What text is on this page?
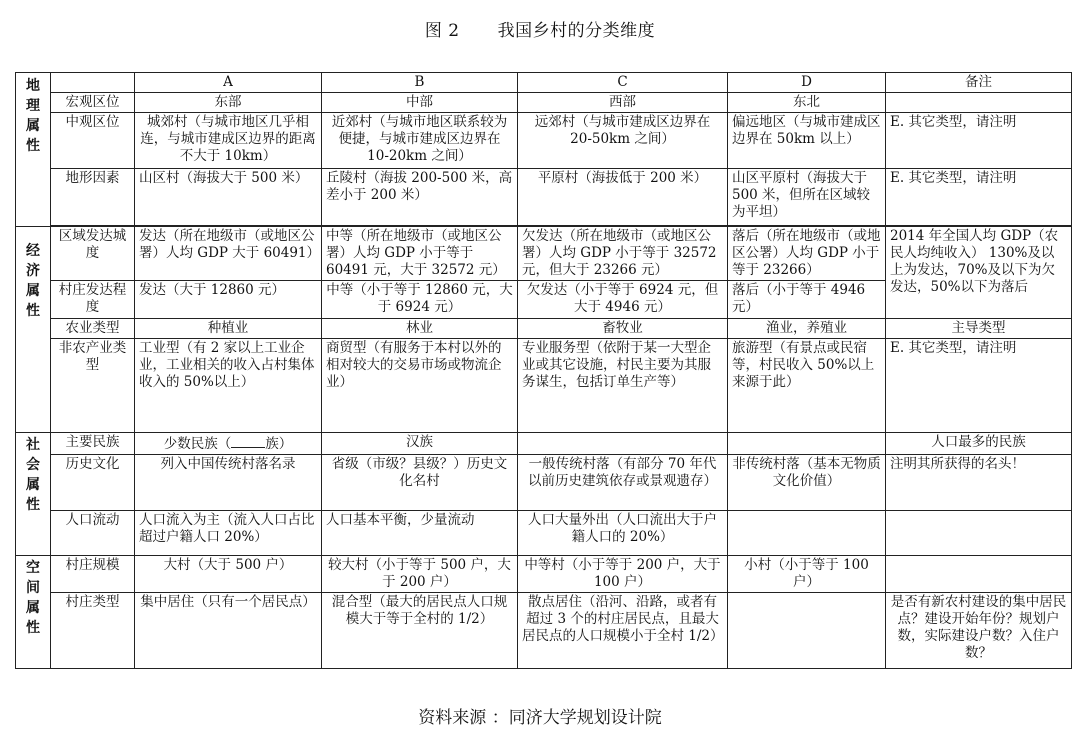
图 2 我国乡村的分类维度
地理属性		A	B	C	D	备注
	宏观区位	东部	中部	西部	东北	
	中观区位	城郊村（与城市地区几乎相连，与城市建成区边界的距离不大于 10km）	近郊村（与城市地区联系较为便捷，与城市建成区边界在 10-20km 之间）	远郊村（与城市建成区边界在 20-50km 之间）	偏远地区（与城市建成区边界在 50km 以上）	E. 其它类型，请注明
	地形因素	山区村（海拔大于 500 米）	丘陵村（海拔 200-500 米，高差小于 200 米）	平原村（海拔低于 200 米）	山区平原村（海拔大于 500 米，但所在区域较为平坦）	E. 其它类型，请注明

经济属性	区域发达城度	发达（所在地级市（或地区公署）人均 GDP 大于 60491）	中等（所在地级市（或地区公署）人均 GDP 小于等于 60491 元，大于 32572 元）	欠发达（所在地级市（或地区公署）人均 GDP 小于等于 32572 元，但大于 23266 元）	落后（所在地级市（或地区公署）人均 GDP 小于等于 23266）	2014 年全国人均 GDP（农民人均纯收入） 130%及以上为发达，70%及以下为欠发达，50%以下为落后
	村庄发达程度	发达（大于 12860 元）	中等（小于等于 12860 元，大于 6924 元）	欠发达（小于等于 6924 元，但大于 4946 元）	落后（小于等于 4946 元）	
	农业类型	种植业	林业	畜牧业	渔业，养殖业	主导类型
	非农产业类型	工业型（有 2 家以上工业企业，工业相关的收入占村集体收入的 50%以上）	商贸型（有服务于本村以外的相对较大的交易市场或物流企业）	专业服务型（依附于某一大型企业或其它设施，村民主要为其服务谋生，包括订单生产等）	旅游型（有景点或民宿等，村民收入 50%以上来源于此）	E. 其它类型，请注明

社会属性	主要民族	少数民族（ 族）	汉族			人口最多的民族
	历史文化	列入中国传统村落名录	省级（市级？县级？）历史文化名村	一般传统村落（有部分 70 年代以前历史建筑依存或景观遗存）	非传统村落（基本无物质文化价值）	注明其所获得的名头！
	人口流动	人口流入为主（流入人口占比超过户籍人口 20%）	人口基本平衡，少量流动	人口大量外出（人口流出大于户籍人口的 20%）		

空间属性	村庄规模	大村（大于 500 户）	较大村（小于等于 500 户，大于 200 户）	中等村（小于等于 200 户，大于 100 户）	小村（小于等于 100 户）	
	村庄类型	集中居住（只有一个居民点）	混合型（最大的居民点人口规模大于等于全村的 1/2）	散点居住（沿河、沿路，或者有超过 3 个的村庄居民点，且最大居民点的人口规模小于全村 1/2）		是否有新农村建设的集中居民点？建设开始年份？规划户数，实际建设户数？入住户数？
资料来源 ：同济大学规划设计院
